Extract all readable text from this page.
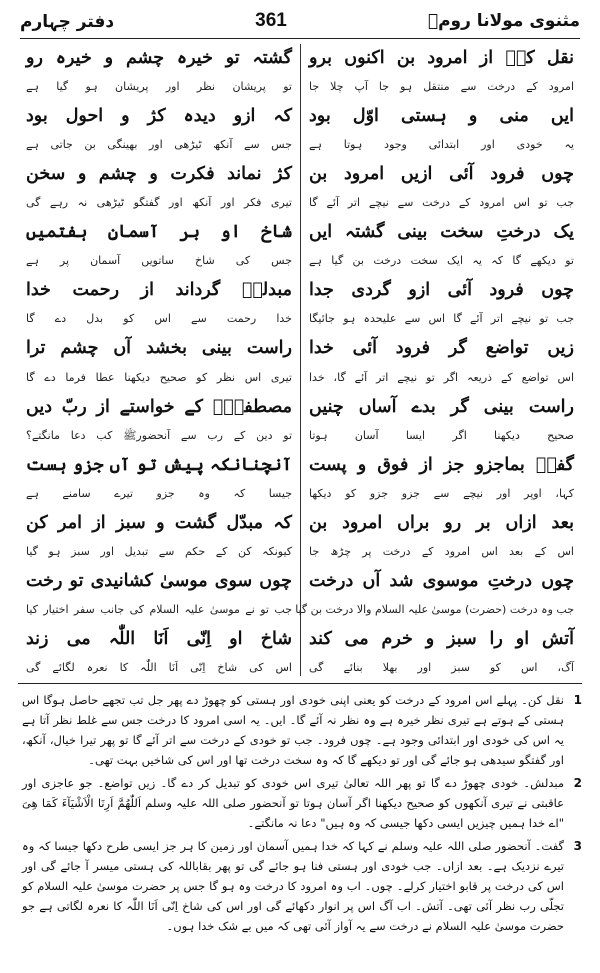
دفتر چہارم	361	مثنوی مولانا رومؒ
نقل کنؒ از امرود بن اکنوں برو
امرود کے درخت سے منتقل ہو جا آپ چلا جا
ایں منی و ہستی اوّل بود
یہ خودی اور ابتدائی وجود ہوتا ہے
چوں فرود آئی ازیں امرود بن
جب تو اس امرود کے درخت سے نیچے اتر آئے گا
یک درختِ سخت بینی گشتہ ایں
تو دیکھے گا کہ یہ ایک سخت درخت بن گیا ہے
چوں فرود آئی ازو گردی جدا
جب تو نیچے اتر آئے گا اس سے علیحدہ ہو جائیگا
زیں تواضع گر فرود آئی خدا
اس تواضع کے ذریعہ اگر تو نیچے اتر آئے گا، خدا
راست بینی گر بدے آساں چنیں
صحیح دیکھنا اگر ایسا آسان ہوتا
گفتؒ بماجزو جز از فوق و پست
کہا، اوپر اور نیچے سے جزو جزو کو دیکھا
بعد ازاں بر رو براں امرود بن
اس کے بعد اس امرود کے درخت پر چڑھ جا
چوں درختِ موسوی شد آں درخت
جب وہ درخت (حضرت) موسیٰ علیہ السلام والا درخت بن گیا
آتش او را سبز و خرم می کند
آگ، اس کو سبز اور بھلا بنائے گی
گشتہ تو خیرہ چشم و خیرہ رو
تو پریشان نظر اور پریشان ہو گیا ہے
کہ ازو دیدہ کژ و احول بود
جس سے آنکھ ٹیڑھی اور بھینگی بن جاتی ہے
کژ نماند فکرت و چشم و سخن
تیری فکر اور آنکھ اور گفتگو ٹیڑھی نہ رہے گی
شاخ او بر آسمانِ ہفتمیں
جس کی شاخ ساتویں آسمان پر ہے
مبدلشؒ گرداند از رحمت خدا
خدا رحمت سے اس کو بدل دے گا
راست بینی بخشد آں چشم ترا
تیری اس نظر کو صحیح دیکھنا عطا فرما دے گا
مصطفیٰؐ کے خواستے از ربّ دیں
تو دین کے رب سے آنحضورﷺ کب دعا مانگتے؟
آنچنانکہ پیش تو آں جزو ہست
جیسا کہ وہ جزو تیرے سامنے ہے
کہ مبدّل گشت و سبز از امر کن
کیونکہ کن کے حکم سے تبدیل اور سبز ہو گیا
چوں سوی موسیٰ کشانیدی تو رخت
جب تو نے موسیٰ علیہ السلام کی جانب سفر اختیار کیا
شاخ او اِنّی اَنَا اللّٰہ می زند
اس کی شاخ اِنّی اَنَا اللّٰہ کا نعرہ لگائے گی
1
نقل کن۔ پہلے اس امرود کے درخت کو یعنی اپنی خودی اور ہستی کو چھوڑ دے پھر جل تب تجھے حاصل ہوگا اس ہستی کے ہوتے ہے تیری نظر خیرہ ہے وہ نظر نہ آئے گا۔ ایں۔ یہ اسی امرود کا درخت جس سے غلط نظر آتا ہے یہ اس کی خودی اور ابتدائی وجود ہے۔ چوں فرود۔ جب تو خودی کے درخت سے اتر آئے گا تو پھر تیرا خیال، آنکھ، اور گفتگو سیدھی ہو جائے گی اور تو دیکھے گا کہ وہ سخت درخت تھا اور اس کی شاخیں بہت تھی۔
2
مبدلش۔ خودی چھوڑ دے گا تو پھر اللہ تعالیٰ تیری اس خودی کو تبدیل کر دے گا۔ زیں تواضع۔ جو عاجزی اور عاقبتی نے تیری آنکھوں کو صحیح دیکھنا اگر آسان ہوتا تو آنحضور صلی اللہ علیہ وسلم اَللّٰھُمَّ اَرِنَا الْاَشْیَآءَ کَمَا ھِیَ "اے خدا ہمیں چیزیں ایسی دکھا جیسی کہ وہ ہیں" دعا نہ مانگتے۔
3
گفت۔ آنحضور صلی اللہ علیہ وسلم نے کہا کہ خدا ہمیں آسمان اور زمین کا ہر جز ایسی طرح دکھا جیسا کہ وہ تیرے نزدیک ہے۔ بعد ازاں۔ جب خودی اور ہستی فنا ہو جائے گی تو پھر بقاباللہ کی ہستی میسر آ جائے گی اور اس کی درخت پر قابو اختیار کرلے۔ چوں۔ اب وہ امرود کا درخت وہ ہو گا جس پر حضرت موسیٰ علیہ السلام کو تجلّی رب نظر آئی تھی۔ آتش۔ اب آگ اس پر انوار دکھائے گی اور اس کی شاخ اِنّی اَنَا اللّٰہ کا نعرہ لگاتی ہے جو حضرت موسیٰ علیہ السلام نے درخت سے یہ آواز آئی تھی کہ میں بے شک خدا ہوں۔
